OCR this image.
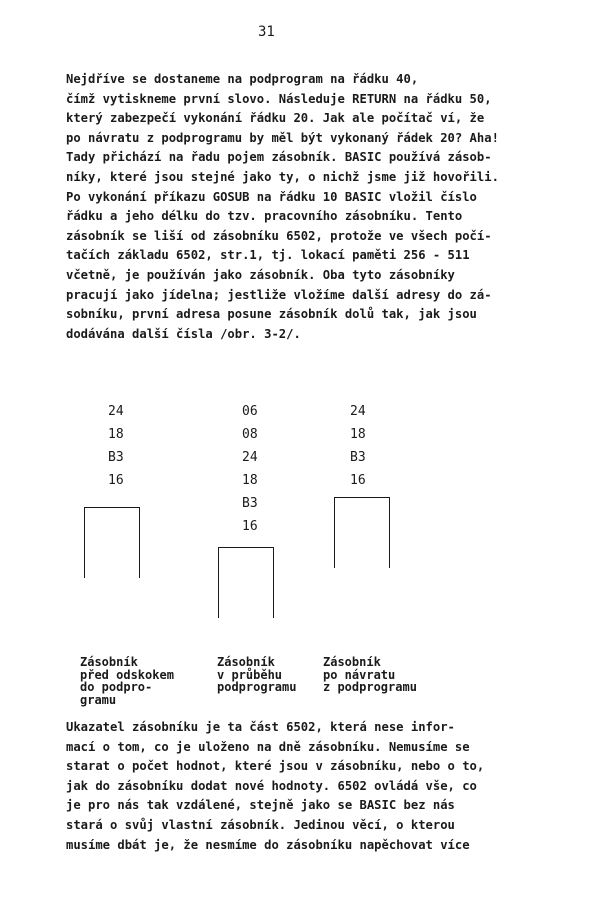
31
Nejdříve se dostaneme na podprogram na řádku 40,
čímž vytiskneme první slovo. Následuje RETURN na řádku 50,
který zabezpečí vykonání řádku 20. Jak ale počítač ví, že
po návratu z podprogramu by měl být vykonaný řádek 20? Aha!
Tady přichází na řadu pojem zásobník. BASIC používá zásob-
níky, které jsou stejné jako ty, o nichž jsme již hovořili.
Po vykonání příkazu GOSUB na řádku 10 BASIC vložil číslo
řádku a jeho délku do tzv. pracovního zásobníku. Tento
zásobník se liší od zásobníku 6502, protože ve všech počí-
tačích základu 6502, str.1, tj. lokací paměti 256 - 511
včetně, je používán jako zásobník. Oba tyto zásobníky
pracují jako jídelna; jestliže vložíme další adresy do zá-
sobníku, první adresa posune zásobník dolů tak, jak jsou
dodávána další čísla /obr. 3-2/.
24
18
B3
16
06
08
24
18
B3
16
24
18
B3
16
Zásobník
před odskokem
do podpro-
gramu
Zásobník
v průběhu
podprogramu
Zásobník
po návratu
z podprogramu
Ukazatel zásobníku je ta část 6502, která nese infor-
mací o tom, co je uloženo na dně zásobníku. Nemusíme se
starat o počet hodnot, které jsou v zásobníku, nebo o to,
jak do zásobníku dodat nové hodnoty. 6502 ovládá vše, co
je pro nás tak vzdálené, stejně jako se BASIC bez nás
stará o svůj vlastní zásobník. Jedinou věcí, o kterou
musíme dbát je, že nesmíme do zásobníku napěchovat více
